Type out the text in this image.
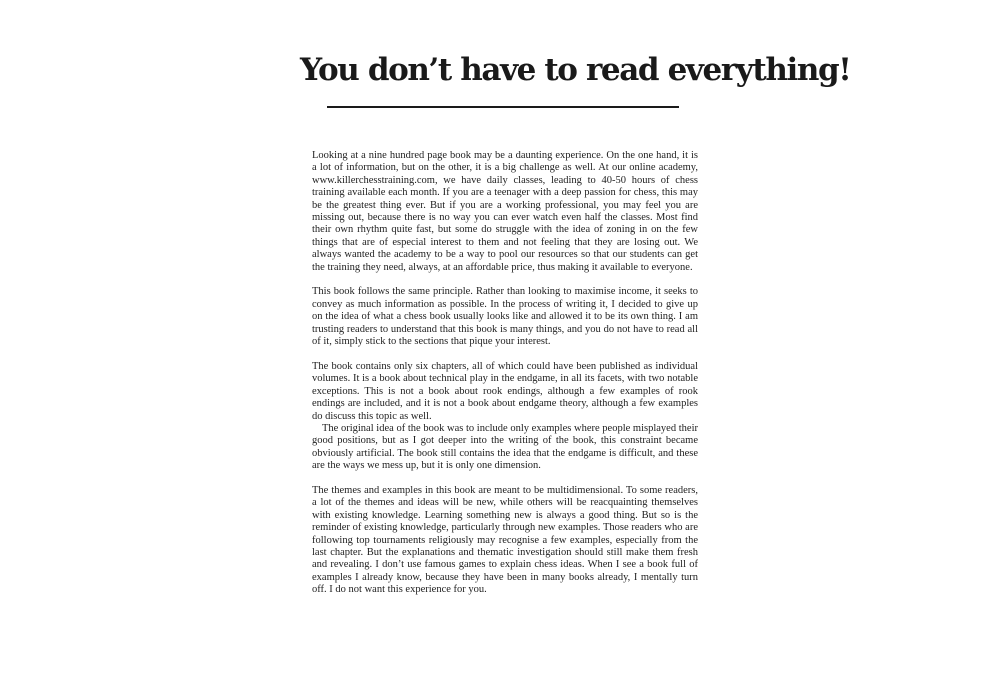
You don’t have to read everything!

Looking at a nine hundred page book may be a daunting experience. On the one hand, it is a lot of information, but on the other, it is a big challenge as well. At our online academy, www.killerchesstraining.com, we have daily classes, leading to 40-50 hours of chess training available each month. If you are a teenager with a deep passion for chess, this may be the greatest thing ever. But if you are a working professional, you may feel you are missing out, because there is no way you can ever watch even half the classes. Most find their own rhythm quite fast, but some do struggle with the idea of zoning in on the few things that are of especial interest to them and not feeling that they are losing out. We always wanted the academy to be a way to pool our resources so that our students can get the training they need, always, at an affordable price, thus making it available to everyone.

This book follows the same principle. Rather than looking to maximise income, it seeks to convey as much information as possible. In the process of writing it, I decided to give up on the idea of what a chess book usually looks like and allowed it to be its own thing. I am trusting readers to understand that this book is many things, and you do not have to read all of it, simply stick to the sections that pique your interest.

The book contains only six chapters, all of which could have been published as individual volumes. It is a book about technical play in the endgame, in all its facets, with two notable exceptions. This is not a book about rook endings, although a few examples of rook endings are included, and it is not a book about endgame theory, although a few examples do discuss this topic as well.

The original idea of the book was to include only examples where people misplayed their good positions, but as I got deeper into the writing of the book, this constraint became obviously artificial. The book still contains the idea that the endgame is difficult, and these are the ways we mess up, but it is only one dimension.

The themes and examples in this book are meant to be multidimensional. To some readers, a lot of the themes and ideas will be new, while others will be reacquainting themselves with existing knowledge. Learning something new is always a good thing. But so is the reminder of existing knowledge, particularly through new examples. Those readers who are following top tournaments religiously may recognise a few examples, especially from the last chapter. But the explanations and thematic investigation should still make them fresh and revealing. I don’t use famous games to explain chess ideas. When I see a book full of examples I already know, because they have been in many books already, I mentally turn off. I do not want this experience for you.
